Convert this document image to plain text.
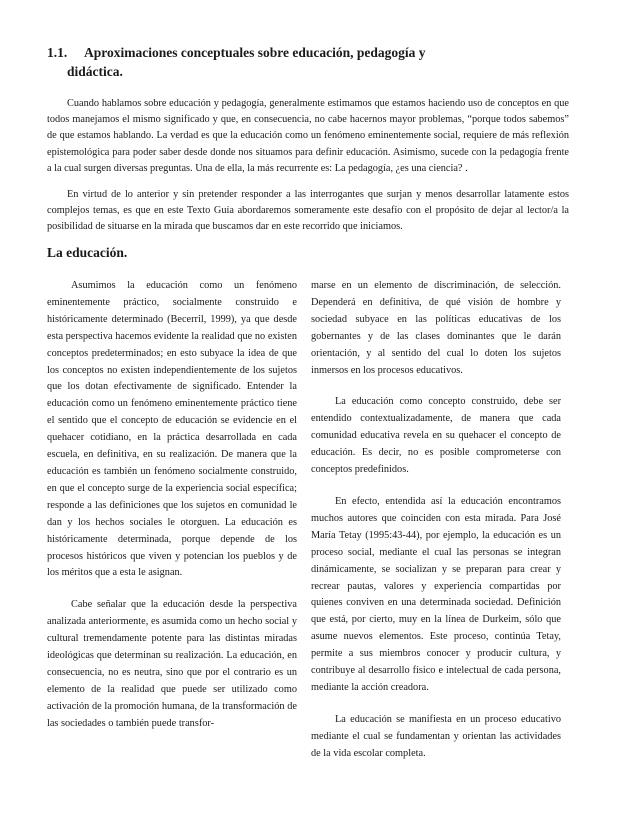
1.1. Aproximaciones conceptuales sobre educación, pedagogía y
didáctica.

Cuando hablamos sobre educación y pedagogía, generalmente estimamos que estamos haciendo uso de conceptos en que todos manejamos el mismo significado y que, en consecuencia, no cabe hacernos mayor problemas, “porque todos sabemos” de que estamos hablando. La verdad es que la educación como un fenómeno eminentemente social, requiere de más reflexión epistemológica para poder saber desde donde nos situamos para definir educación. Asimismo, sucede con la pedagogía frente a la cual surgen diversas preguntas. Una de ella, la más recurrente es: La pedagogía, ¿es una ciencia? .

En virtud de lo anterior y sin pretender responder a las interrogantes que surjan y menos desarrollar latamente estos complejos temas, es que en este Texto Guía abordaremos someramente este desafío con el propósito de dejar al lector/a la posibilidad de situarse en la mirada que buscamos dar en este recorrido que iniciamos.

La educación.

Asumimos la educación como un fenómeno eminentemente práctico, socialmente construido e históricamente determinado (Becerril, 1999), ya que desde esta perspectiva hacemos evidente la realidad que no existen conceptos predeterminados; en esto subyace la idea de que los conceptos no existen independientemente de los sujetos que los dotan efectivamente de significado. Entender la educación como un fenómeno eminentemente práctico tiene el sentido que el concepto de educación se evidencie en el quehacer cotidiano, en la práctica desarrollada en cada escuela, en definitiva, en su realización. De manera que la educación es también un fenómeno socialmente construido, en que el concepto surge de la experiencia social específica; responde a las definiciones que los sujetos en comunidad le dan y los hechos sociales le otorguen. La educación es históricamente determinada, porque depende de los procesos históricos que viven y potencian los pueblos y de los méritos que a esta le asignan.

Cabe señalar que la educación desde la perspectiva analizada anteriormente, es asumida como un hecho social y cultural tremendamente potente para las distintas miradas ideológicas que determinan su realización. La educación, en consecuencia, no es neutra, sino que por el contrario es un elemento de la realidad que puede ser utilizado como activación de la promoción humana, de la transformación de las sociedades o también puede transfor-

marse en un elemento de discriminación, de selección. Dependerá en definitiva, de qué visión de hombre y sociedad subyace en las políticas educativas de los gobernantes y de las clases dominantes que le darán orientación, y al sentido del cual lo doten los sujetos inmersos en los procesos educativos.

La educación como concepto construido, debe ser entendido contextualizadamente, de manera que cada comunidad educativa revela en su quehacer el concepto de educación. Es decir, no es posible comprometerse con conceptos predefinidos.

En efecto, entendida así la educación encontramos muchos autores que coinciden con esta mirada. Para José María Tetay (1995:43-44), por ejemplo, la educación es un proceso social, mediante el cual las personas se integran dinámicamente, se socializan y se preparan para crear y recrear pautas, valores y experiencia compartidas por quienes conviven en una determinada sociedad. Definición que está, por cierto, muy en la línea de Durkeim, sólo que asume nuevos elementos. Este proceso, continúa Tetay, permite a sus miembros conocer y producir cultura, y contribuye al desarrollo físico e intelectual de cada persona, mediante la acción creadora.

La educación se manifiesta en un proceso educativo mediante el cual se fundamentan y orientan las actividades de la vida escolar completa.
